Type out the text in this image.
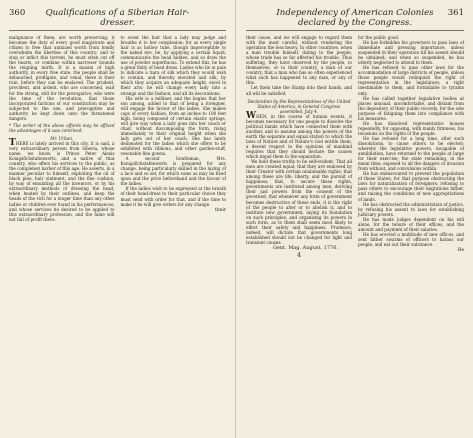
360	Qualifications of a Siberian Hair-dresser.

malignance of them, are worth preserving; it becomes the duty of every good magistrate and citizen to free that unmixed worth from fondly overwhelm the liberties of this country; and to stop or inflict this torrent, he must often cut off the hearts, or combine within narrower bounds the reigning mirth. It is a maxim of high authority, in every free state, the people shall be debauched, profligate, and venal, there is their ruin, before they can be enslaved. The prudent, provident, and ardent, who are concerned, wait for the strong, still for the prerogative; who were the time of the revolution, that those incorporated factions of our constitution may be subjected to the one, and prerogative and authority be kept down unto the threatened dangers.

* The writer of the above affords may be affixed the advantages of it was contrived.

Mr. Urban,

THERE is lately arrived in this city, it is said, a very extraordinary person from Siberia, whose name, we know, is Prince Peter Alexis Konigsfichstafenwerts, and a native of that country, who offers his services to the public, as the completest barber of this age. He asserts, in a manner peculiar to himself, exploiting the oil of black pine, hair ointment, and the fine cushion, by way of emulating all the inventors, or by his extraordinary methods of dressing the head, when heated by their outlines, and keep the heads of the rich for a longer time than any other ladies or children ever found in his performances; and whose services he desired to be applied to this extraordinary profession, and the fame will not fail of profit there.

to scent the hair that a lady may judge and breathe it to her complexion; for as every single hair is as hollow tube, though imperceptible to the naked eye, he, by applying a certain liquid, communicates the head hidden, and so draw the use of powder superfluous. To extend this, he has a great fixity of head dress. Ladies who lie in pain to indicate a tiara of silk which they would wish to contain, and thereby elevated and silk, by which they acquire an adequate height, excel in their arts; he will change every lady into a strange and the fashion, and all its decorations.

His wife is a milliner, and the begins that her son among, added to that of being a foreigner, will engage the favour of the ladies. She makes caps of every fashion, from an inches to 100 feet high, being composed of certain elastic springs, will give way when a lady goes into her coach or chair, without discomposing the form, rising immediately to their original height when she lady gets out of her coach. She has lately delineated for the ladies which she offers to be exhibited with ribbons, and other garden-stuff, resonable fine gowns.

A second Gentleman, Mrs. Konigsfichstafenwerts is prepared for any change, being particularly skilled in the laying of a lace and so set, for which sums as may be fixed upon and the price beforehand and the favour of the ladies.

If the ladies wish to be expressed at the breath of their head-dress to their particular choice they must send with order for that, and if the time to make it he will give orders for any change.

their
Independency of American Colonies declared by the Congress.
361

their cause, and we will engage to regard them with the most careful, without rendering the operation the less heavy. In other countries, when a man trouble himself, dating to the people, whose trade has so far affected his trouble. Thus suffering, they have observed by the people, to themselves, or to their country, a man of our country, that a man who has so often experienced what such has happened to any man, or any of this.

Let them take the Stamp into their hands, and all will be satisfied.

Declaration by the Representatives of the United States of America, in General Congress assembled, July 4.

WHEN, in the course of human events, it becomes necessary for one people to dissolve the political bands which have connected them with another, and to assume among the powers of the earth the separate and equal station to which the laws of Nature and of Nature's God entitle them, a decent respect to the opinions of mankind requires that they should declare the causes which impel them to the separation.

We hold these truths to be self-evident: That all men are created equal; that they are endowed by their Creator with certain unalienable rights; that among these are life, liberty, and the pursuit of happiness; that, to secure these rights, governments are instituted among men, deriving their just powers from the consent of the governed; that whenever any form of government becomes destructive of these ends, it is the right of the people to alter or to abolish it, and to institute new government, laying its foundation on such principles, and organizing its powers in such form, as to them shall seem most likely to effect their safety and happiness. Prudence, indeed, will dictate that governments long established should not be changed for light and transient causes.

Gent. Mag. August, 1776.
4

for the public good.

He has forbidden his governors to pass laws of immediate and pressing importance, unless suspended in their operation till his assent should be obtained; and when so suspended, he has utterly neglected to attend to them.

He has refused to pass other laws for the accommodation of large districts of people, unless those people would relinquish the right of representation in the legislature; a right inestimable to them, and formidable to tyrants only.

He has called together legislative bodies at places unusual, uncomfortable, and distant from the depository of their public records, for the sole purpose of fatiguing them into compliance with his measures.

He has dissolved representative houses repeatedly, for opposing, with manly firmness, his invasions on the rights of the people.

He has refused for a long time, after such dissolutions, to cause others to be elected; whereby the legislative powers, incapable of annihilation, have returned to the people at large for their exercise; the state remaining, in the mean time, exposed to all the dangers of invasion from without, and convulsions within.

He has endeavoured to prevent the population of these States; for that purpose obstructing the laws for naturalization of foreigners; refusing to pass others to encourage their migrations hither, and raising the conditions of new appropriations of lands.

He has obstructed the administration of justice, by refusing his assent to laws for establishing judiciary powers.

He has made judges dependent on his will alone, for the tenure of their offices, and the amount and payment of their salaries.

He has erected a multitude of new offices, and sent hither swarms of officers to harass our people, and eat out their substance.

He
